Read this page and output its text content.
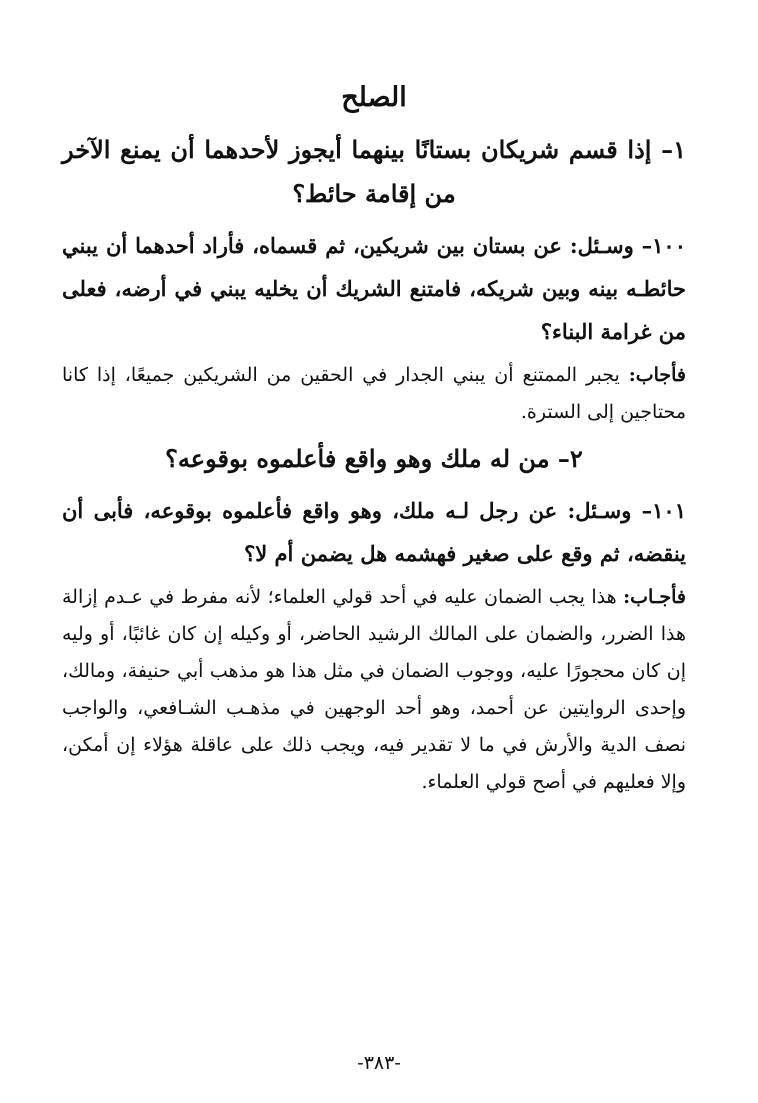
الصلح
١– إذا قسم شريكان بستانًا بينهما أيجوز لأحدهما أن يمنع الآخر من إقامة حائط؟
١٠٠– وسـئل: عن بستان بين شريكين، ثم قسماه، فأراد أحدهما أن يبني حائطـه بينه وبين شريكه، فامتنع الشريك أن يخليه يبني في أرضه، فعلى من غرامة البناء؟
فأجاب: يجبر الممتنع أن يبني الجدار في الحقين من الشريكين جميعًا، إذا كانا محتاجين إلى السترة.
٢– من له ملك وهو واقع فأعلموه بوقوعه؟
١٠١– وسـئل: عن رجل لـه ملك، وهو واقع فأعلموه بوقوعه، فأبى أن ينقضه، ثم وقع على صغير فهشمه هل يضمن أم لا؟
فأجـاب: هذا يجب الضمان عليه في أحد قولي العلماء؛ لأنه مفرط في عـدم إزالة هذا الضرر، والضمان على المالك الرشيد الحاضر، أو وكيله إن كان غائبًا، أو وليه إن كان محجورًا عليه، ووجوب الضمان في مثل هذا هو مذهب أبي حنيفة، ومالك، وإحدى الروايتين عن أحمد، وهو أحد الوجهين في مذهـب الشـافعي، والواجب نصف الدية والأرش في ما لا تقدير فيه، ويجب ذلك على عاقلة هؤلاء إن أمكن، وإلا فعليهم في أصح قولي العلماء.
-٣٨٣-
